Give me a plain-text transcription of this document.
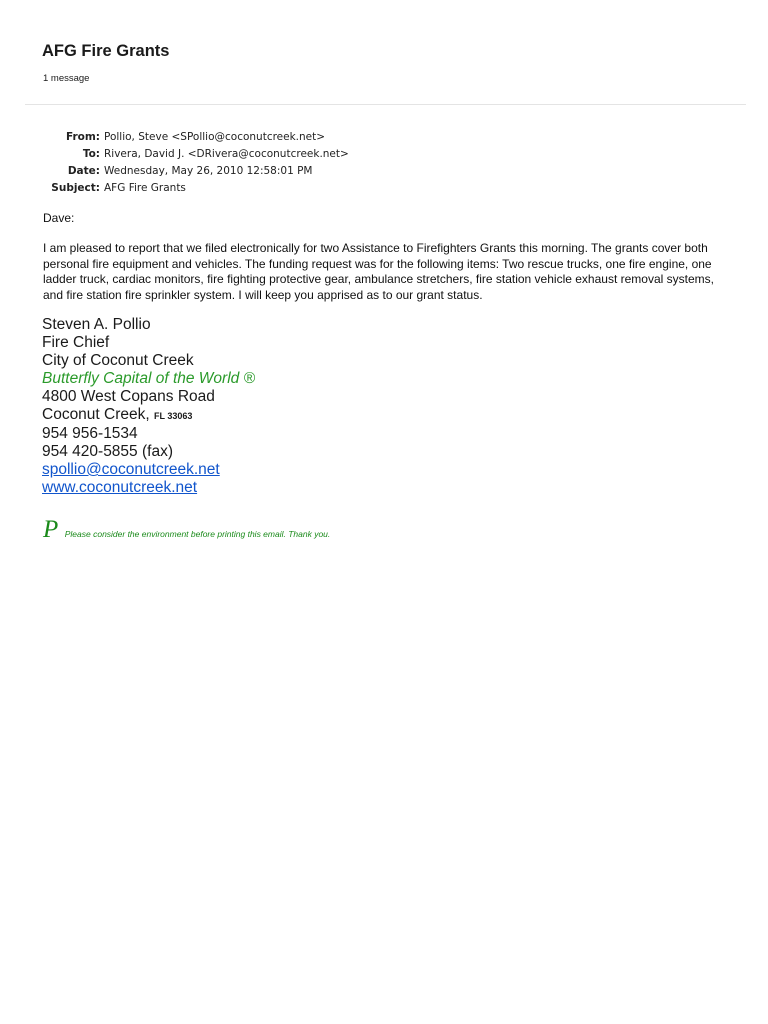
AFG Fire Grants
1 message
From:	Pollio, Steve <SPollio@coconutcreek.net>
To:	Rivera, David J. <DRivera@coconutcreek.net>
Date:	Wednesday, May 26, 2010 12:58:01 PM
Subject:	AFG Fire Grants
Dave:
I am pleased to report that we filed electronically for two Assistance to Firefighters Grants this morning. The grants cover both personal fire equipment and vehicles. The funding request was for the following items: Two rescue trucks, one fire engine, one ladder truck, cardiac monitors, fire fighting protective gear, ambulance stretchers, fire station vehicle exhaust removal systems, and fire station fire sprinkler system. I will keep you apprised as to our grant status.
Steven A. Pollio
Fire Chief
City of Coconut Creek
Butterfly Capital of the World ®
4800 West Copans Road
Coconut Creek, FL 33063
954 956-1534
954 420-5855 (fax)
spollio@coconutcreek.net
www.coconutcreek.net
P Please consider the environment before printing this email. Thank you.
